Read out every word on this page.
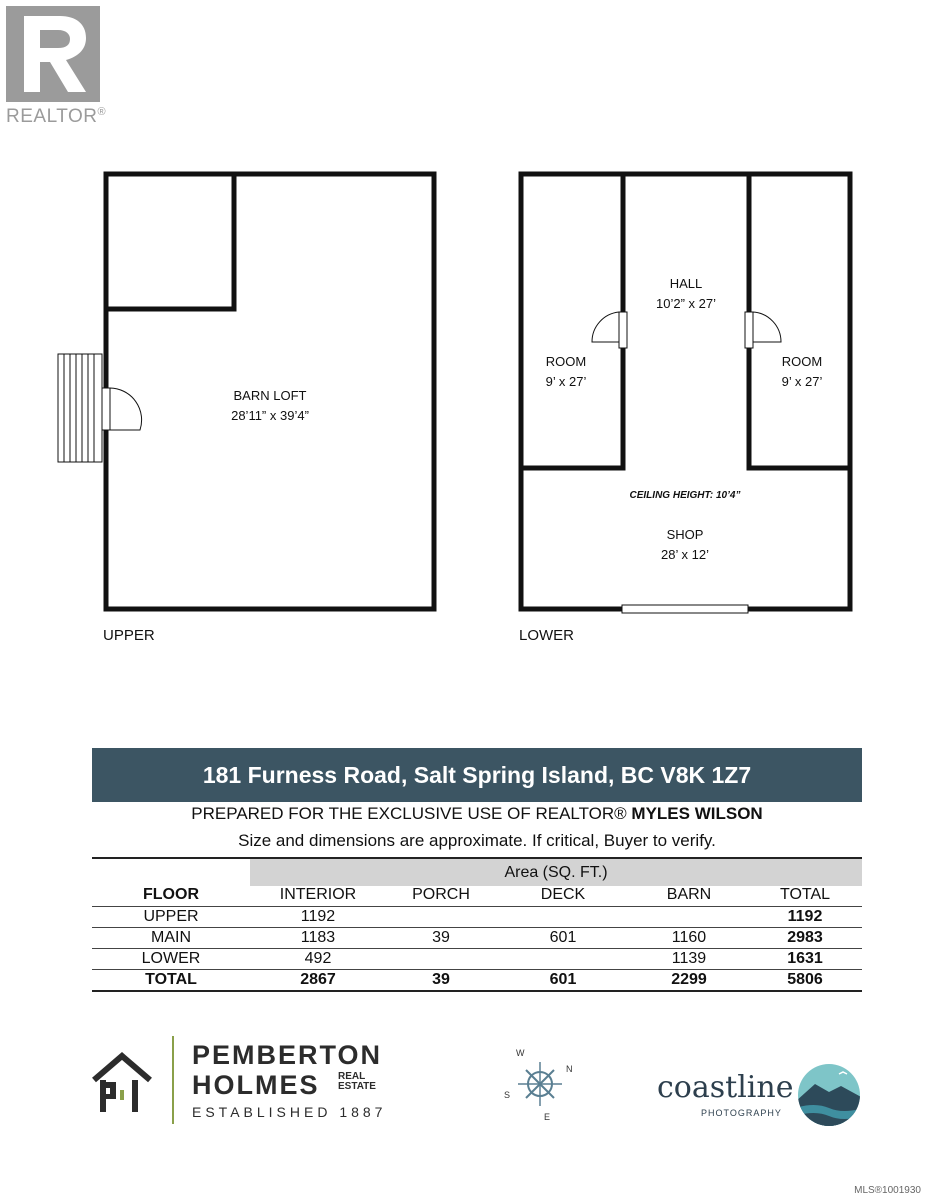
REALTOR®
BARN LOFT
28’11” x 39’4”
HALL
10’2” x 27’
ROOM
9’ x 27’
ROOM
9’ x 27’
CEILING HEIGHT: 10’4”
SHOP
28’ x 12’
UPPER	LOWER
181 Furness Road, Salt Spring Island, BC V8K 1Z7
PREPARED FOR THE EXCLUSIVE USE OF REALTOR® MYLES WILSON
Size and dimensions are approximate. If critical, Buyer to verify.
Area (SQ. FT.)
FLOOR	INTERIOR	PORCH	DECK	BARN	TOTAL
UPPER	1192				1192
MAIN	1183	39	601	1160	2983
LOWER	492			1139	1631
TOTAL	2867	39	601	2299	5806
PEMBERTON
HOLMES REAL ESTATE
ESTABLISHED 1887
W
N
S
E
coastline
PHOTOGRAPHY
MLS®1001930
